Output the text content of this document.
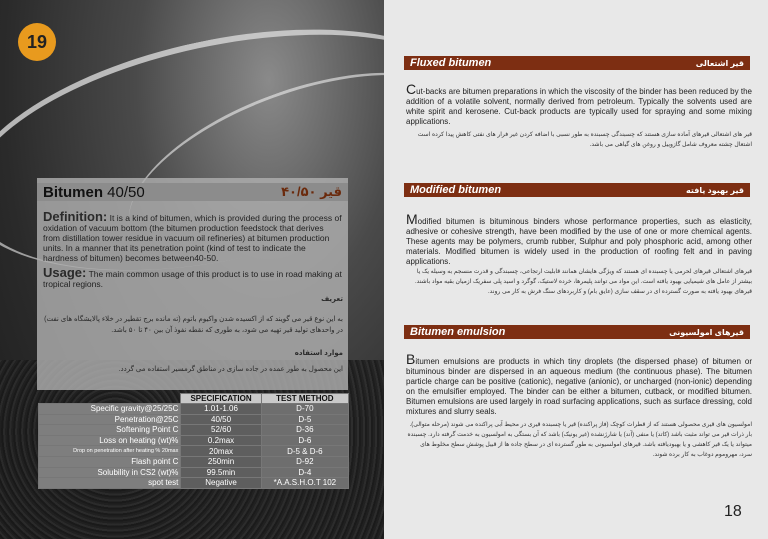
19
Bitumen 40/50	قیر ۴۰/۵۰
Definition: It is a kind of bitumen, which is provided during the process of oxidation of vacuum bottom (the bitumen production feedstock that derives from distillation tower residue in vacuum oil refineries) at bitumen production units. In a manner that its penetration point (kind of test to indicate the hardness of bitumen) becomes between40-50.
Usage: The main common usage of this product is to use in road making at tropical regions.
تعریف
به این نوع قیر می گویند که از اکسیده شدن واکیوم باتوم (ته مانده برج تقطیر در خلاء پالایشگاه های نفت) در واحدهای تولید قیر تهیه می شود، به طوری که نقطه نفوذ آن بین ۴۰ تا ۵۰ باشد.
موارد استفاده
این محصول به طور عمده در جاده سازی در مناطق گرمسیر استفاده می گردد.
	SPECIFICATION	TEST METHOD
Specific gravity@25/25C	1.01-1.06	D-70
Penetration@25C	40/50	D-5
Softening Point C	52/60	D-36
Loss on heating (wt)%	0.2max	D-6
Drop on penetration after heating % 20max	20max	D-5 & D-6
Flash point C	250min	D-92
Solubility in CS2 (wt)%	99.5min	D-4
spot test	Negative	*A.A.S.H.O.T 102
Fluxed bitumen	قیر اشتعالی
Cut-backs are bitumen preparations in which the viscosity of the binder has been reduced by the addition of a volatile solvent, normally derived from petroleum. Typically the solvents used are white spirit and kerosene. Cut-back products are typically used for spraying and some mixing applications.
قیر های اشتعالی قیرهای آماده سازی هستند که چسبندگی چسبنده به طور نسبی با اضافه کردن غیر فرار های نفتی کاهش پیدا کرده است اشتعال چشته معروف شامل گازوییل و روغن های گیاهی می باشد.
Modified bitumen	قیر بهبود یافته
Modified bitumen is bituminous binders whose performance properties, such as elasticity, adhesive or cohesive strength, have been modified by the use of one or more chemical agents. These agents may be polymers, crumb rubber, Sulphur and poly phosphoric acid, among other materials. Modified bitumen is widely used in the production of roofing felt and in paving applications.
قیرهای اشتعالی قیرهای لحرمی یا چسبنده ای هستند که ویژگی هایشان همانند قابلیت ارتجاعی، چسبندگی و قدرت منسجم به وسیله یک یا بیشتر از عامل های شیمیایی بهبود یافته است. این مواد می توانند پلیمرها، خرده لاستیک، گوگرد و اسید پلی سفریک ازمیان بقیه مواد باشند. قیرهای بهبود یافته به صورت گسترده ای در سقف سازی (عایق بام) و کاربردهای سنگ فرش به کار می روند.
Bitumen emulsion	قیرهای امولسیونی
Bitumen emulsions are products in which tiny droplets (the dispersed phase) of bitumen or bituminous binder are dispersed in an aqueous medium (the continuous phase). The bitumen particle charge can be positive (cationic), negative (anionic), or uncharged (non-ionic) depending on the emulsifier employed. The binder can be either a bitumen, cutback, or modified bitumen. Bitumen emulsions are used largely in road surfacing applications, such as surface dressing, cold mixtures and slurry seals.
امولسیون های قیری محصولی هستند که از قطرات کوچک (فاز پراکنده) قیر یا چسبنده قیری در محیط آبی پراکنده می شوند (مرحله متوالی). بار ذرات قیر می تواند مثبت باشد (کاتد) یا منفی (آند) یا شارژنشده (غیر یونیک) باشد که آن بستگی به امولسیون به خدمت گرفته دارد. چسبنده میتواند یا یک قیر کاهشی و یا بهبودیافته باشد. قیرهای امولسیونی به طور گسترده ای در سطح جاده ها از قبیل پوشش سطح مخلوط های سرد، مهروموم دوغاب به کار برده شوند.
18
